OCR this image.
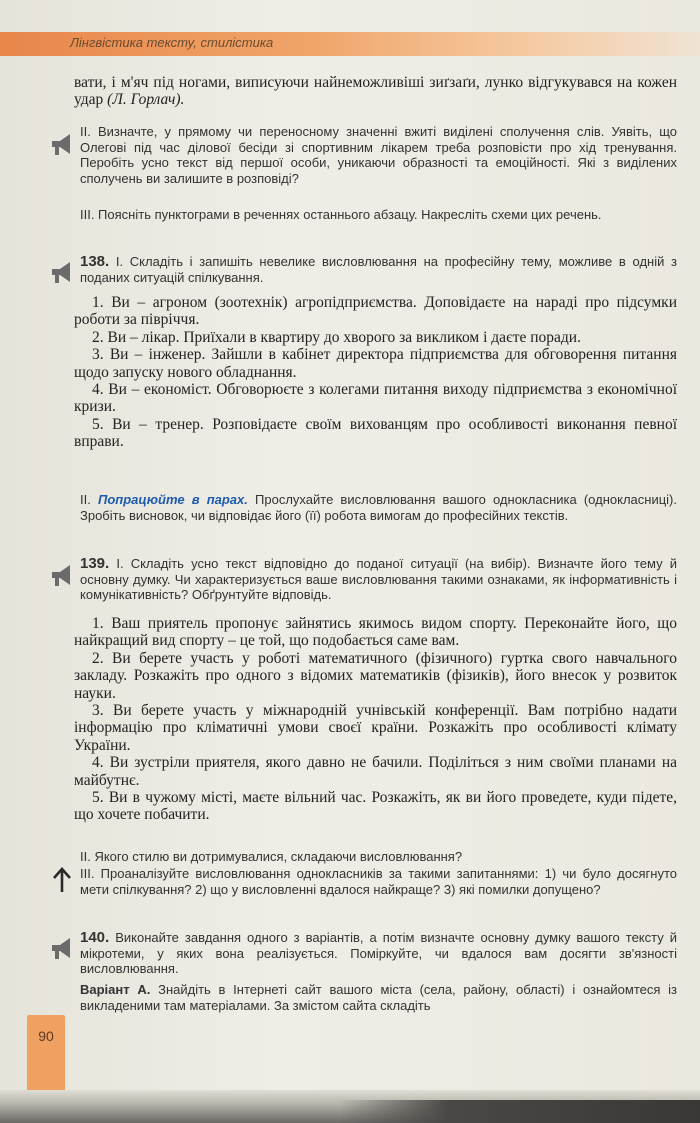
Лінгвістика тексту, стилістика
вати, і м'яч під ногами, виписуючи найнеможливіші зиґзаґи, лунко відгукувався на кожен удар (Л. Горлач).
II. Визначте, у прямому чи переносному значенні вжиті виділені сполучення слів. Уявіть, що Олегові під час ділової бесіди зі спортивним лікарем треба розповісти про хід тренування. Перобіть усно текст від першої особи, уникаючи образності та емоційності. Які з виділених сполучень ви залишите в розповіді?
III. Поясніть пунктограми в реченнях останнього абзацу. Накресліть схеми цих речень.
138. I. Складіть і запишіть невелике висловлювання на професійну тему, можливе в одній з поданих ситуацій спілкування.

1. Ви – агроном (зоотехнік) агропідприємства. Доповідаєте на нараді про підсумки роботи за півріччя.

2. Ви – лікар. Приїхали в квартиру до хворого за викликом і даєте поради.

3. Ви – інженер. Зайшли в кабінет директора підприємства для обговорення питання щодо запуску нового обладнання.

4. Ви – економіст. Обговорюєте з колегами питання виходу підприємства з економічної кризи.

5. Ви – тренер. Розповідаєте своїм вихованцям про особливості виконання певної вправи.

II. Попрацюйте в парах. Прослухайте висловлювання вашого однокласника (однокласниці). Зробіть висновок, чи відповідає його (її) робота вимогам до професійних текстів.
139. I. Складіть усно текст відповідно до поданої ситуації (на вибір). Визначте його тему й основну думку. Чи характеризується ваше висловлювання такими ознаками, як інформативність і комунікативність? Обґрунтуйте відповідь.

1. Ваш приятель пропонує зайнятись якимось видом спорту. Переконайте його, що найкращий вид спорту – це той, що подобається саме вам.

2. Ви берете участь у роботі математичного (фізичного) гуртка свого навчального закладу. Розкажіть про одного з відомих математиків (фізиків), його внесок у розвиток науки.

3. Ви берете участь у міжнародній учнівській конференції. Вам потрібно надати інформацію про кліматичні умови своєї країни. Розкажіть про особливості клімату України.

4. Ви зустріли приятеля, якого давно не бачили. Поділіться з ним своїми планами на майбутнє.

5. Ви в чужому місті, маєте вільний час. Розкажіть, як ви його проведете, куди підете, що хочете побачити.

II. Якого стилю ви дотримувалися, складаючи висловлювання?
III. Проаналізуйте висловлювання однокласників за такими запитаннями: 1) чи було досягнуто мети спілкування? 2) що у висловленні вдалося найкраще? 3) які помилки допущено?
140. Виконайте завдання одного з варіантів, а потім визначте основну думку вашого тексту й мікротеми, у яких вона реалізується. Поміркуйте, чи вдалося вам досягти зв'язності висловлювання.
Варіант А. Знайдіть в Інтернеті сайт вашого міста (села, району, області) і ознайомтеся із викладеними там матеріалами. За змістом сайта складіть
90
